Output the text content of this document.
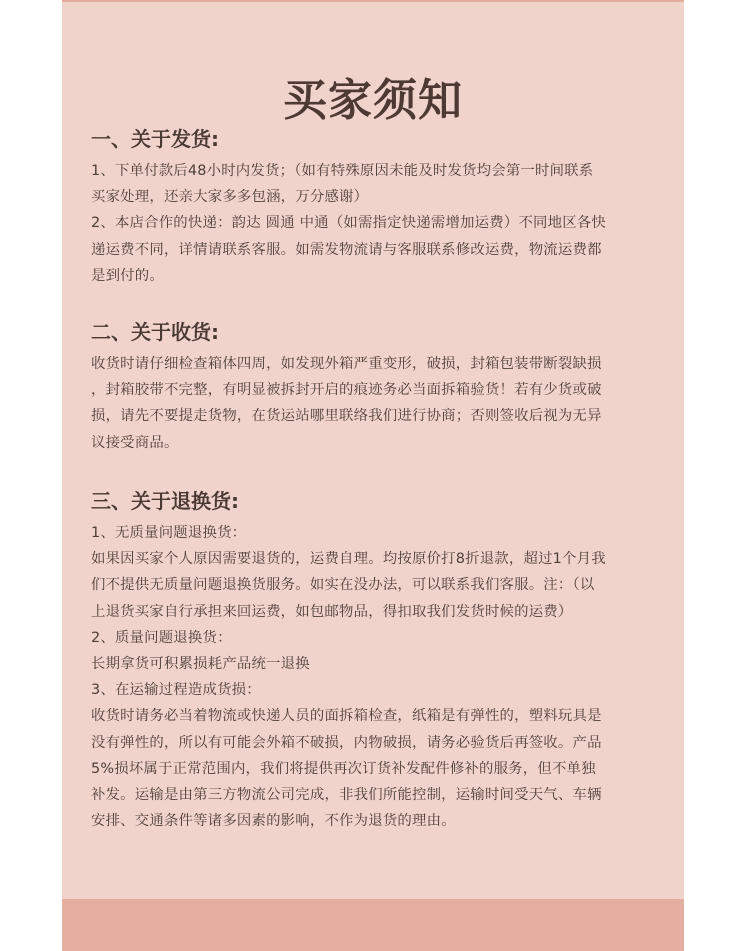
买家须知
一、关于发货:

1、下单付款后48小时内发货；（如有特殊原因未能及时发货均会第一时间联系

买家处理，还亲大家多多包涵，万分感谢）

2、本店合作的快递：韵达 圆通 中通（如需指定快递需增加运费）不同地区各快

递运费不同，详情请联系客服。如需发物流请与客服联系修改运费，物流运费都

是到付的。

二、关于收货:

收货时请仔细检查箱体四周，如发现外箱严重变形，破损，封箱包装带断裂缺损

，封箱胶带不完整，有明显被拆封开启的痕迹务必当面拆箱验货！若有少货或破

损，请先不要提走货物，在货运站哪里联络我们进行协商；否则签收后视为无异

议接受商品。

三、关于退换货:

1、无质量问题退换货：

如果因买家个人原因需要退货的，运费自理。均按原价打8折退款，超过1个月我

们不提供无质量问题退换货服务。如实在没办法，可以联系我们客服。注：（以

上退货买家自行承担来回运费，如包邮物品，得扣取我们发货时候的运费）

2、质量问题退换货：

长期拿货可积累损耗产品统一退换

3、在运输过程造成货损：

收货时请务必当着物流或快递人员的面拆箱检查，纸箱是有弹性的，塑料玩具是

没有弹性的，所以有可能会外箱不破损，内物破损，请务必验货后再签收。产品

5%损坏属于正常范围内，我们将提供再次订货补发配件修补的服务，但不单独

补发。运输是由第三方物流公司完成，非我们所能控制，运输时间受天气、车辆

安排、交通条件等诸多因素的影响，不作为退货的理由。
